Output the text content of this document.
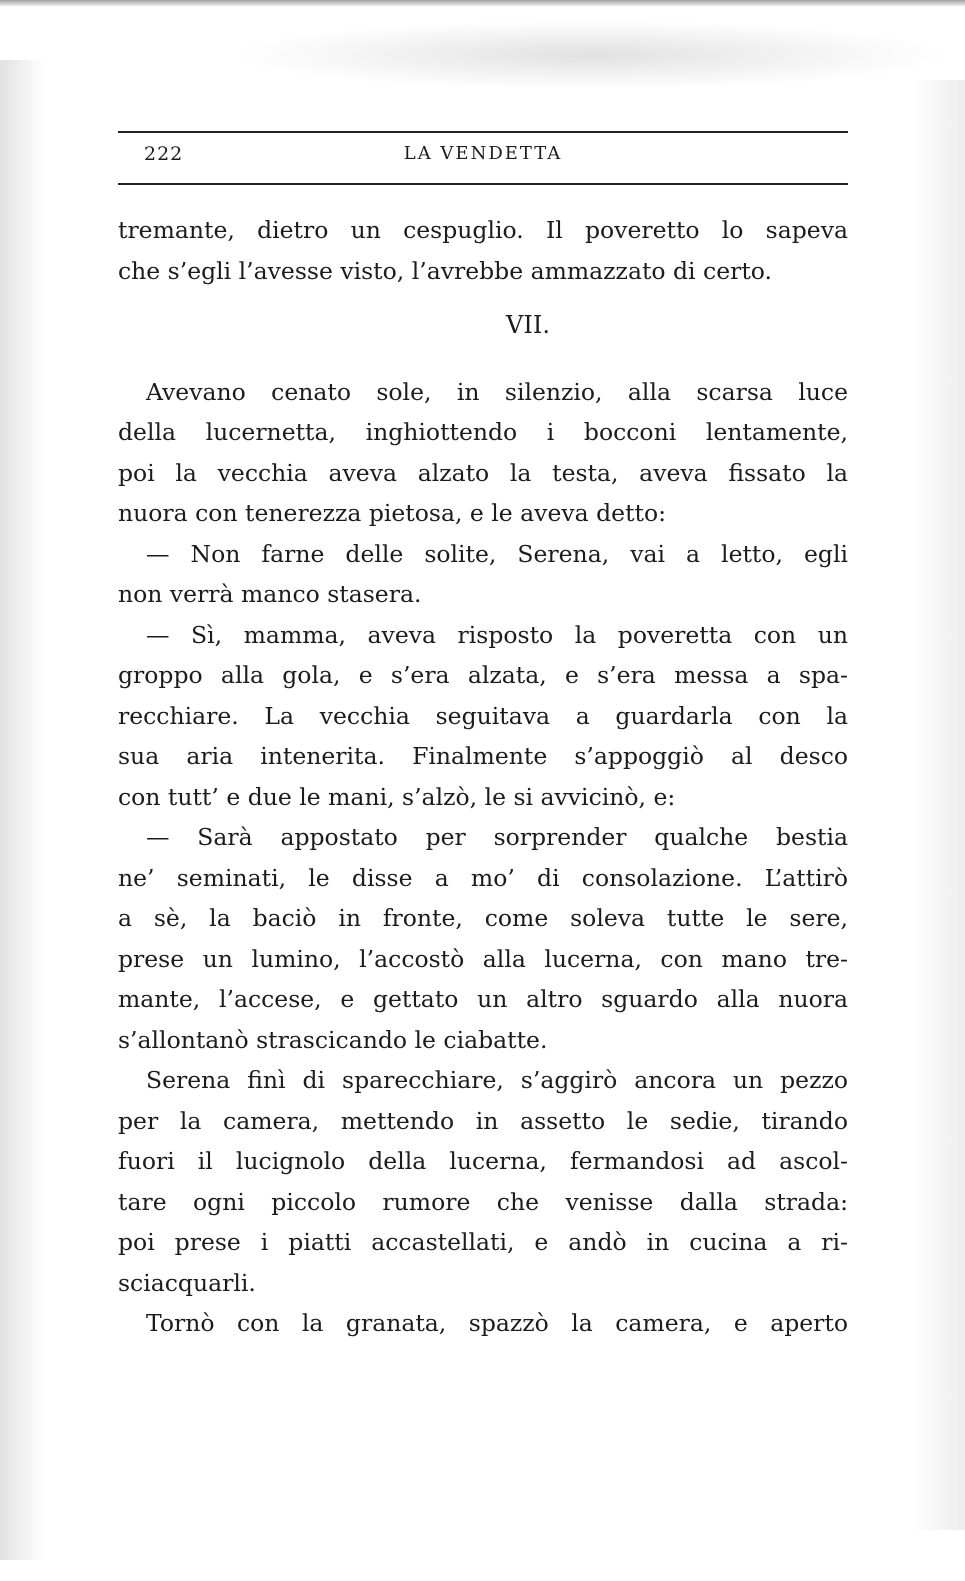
222	LA VENDETTA
tremante, dietro un cespuglio. Il poveretto lo sapeva
che s’egli l’avesse visto, l’avrebbe ammazzato di certo.
VII.
Avevano cenato sole, in silenzio, alla scarsa luce
della lucernetta, inghiottendo i bocconi lentamente,
poi la vecchia aveva alzato la testa, aveva fissato la
nuora con tenerezza pietosa, e le aveva detto:
— Non farne delle solite, Serena, vai a letto, egli
non verrà manco stasera.
— Sì, mamma, aveva risposto la poveretta con un
groppo alla gola, e s’era alzata, e s’era messa a spa-
recchiare. La vecchia seguitava a guardarla con la
sua aria intenerita. Finalmente s’appoggiò al desco
con tutt’ e due le mani, s’alzò, le si avvicinò, e:
— Sarà appostato per sorprender qualche bestia
ne’ seminati, le disse a mo’ di consolazione. L’attirò
a sè, la baciò in fronte, come soleva tutte le sere,
prese un lumino, l’accostò alla lucerna, con mano tre-
mante, l’accese, e gettato un altro sguardo alla nuora
s’allontanò strascicando le ciabatte.
Serena finì di sparecchiare, s’aggirò ancora un pezzo
per la camera, mettendo in assetto le sedie, tirando
fuori il lucignolo della lucerna, fermandosi ad ascol-
tare ogni piccolo rumore che venisse dalla strada:
poi prese i piatti accastellati, e andò in cucina a ri-
sciacquarli.
Tornò con la granata, spazzò la camera, e aperto
